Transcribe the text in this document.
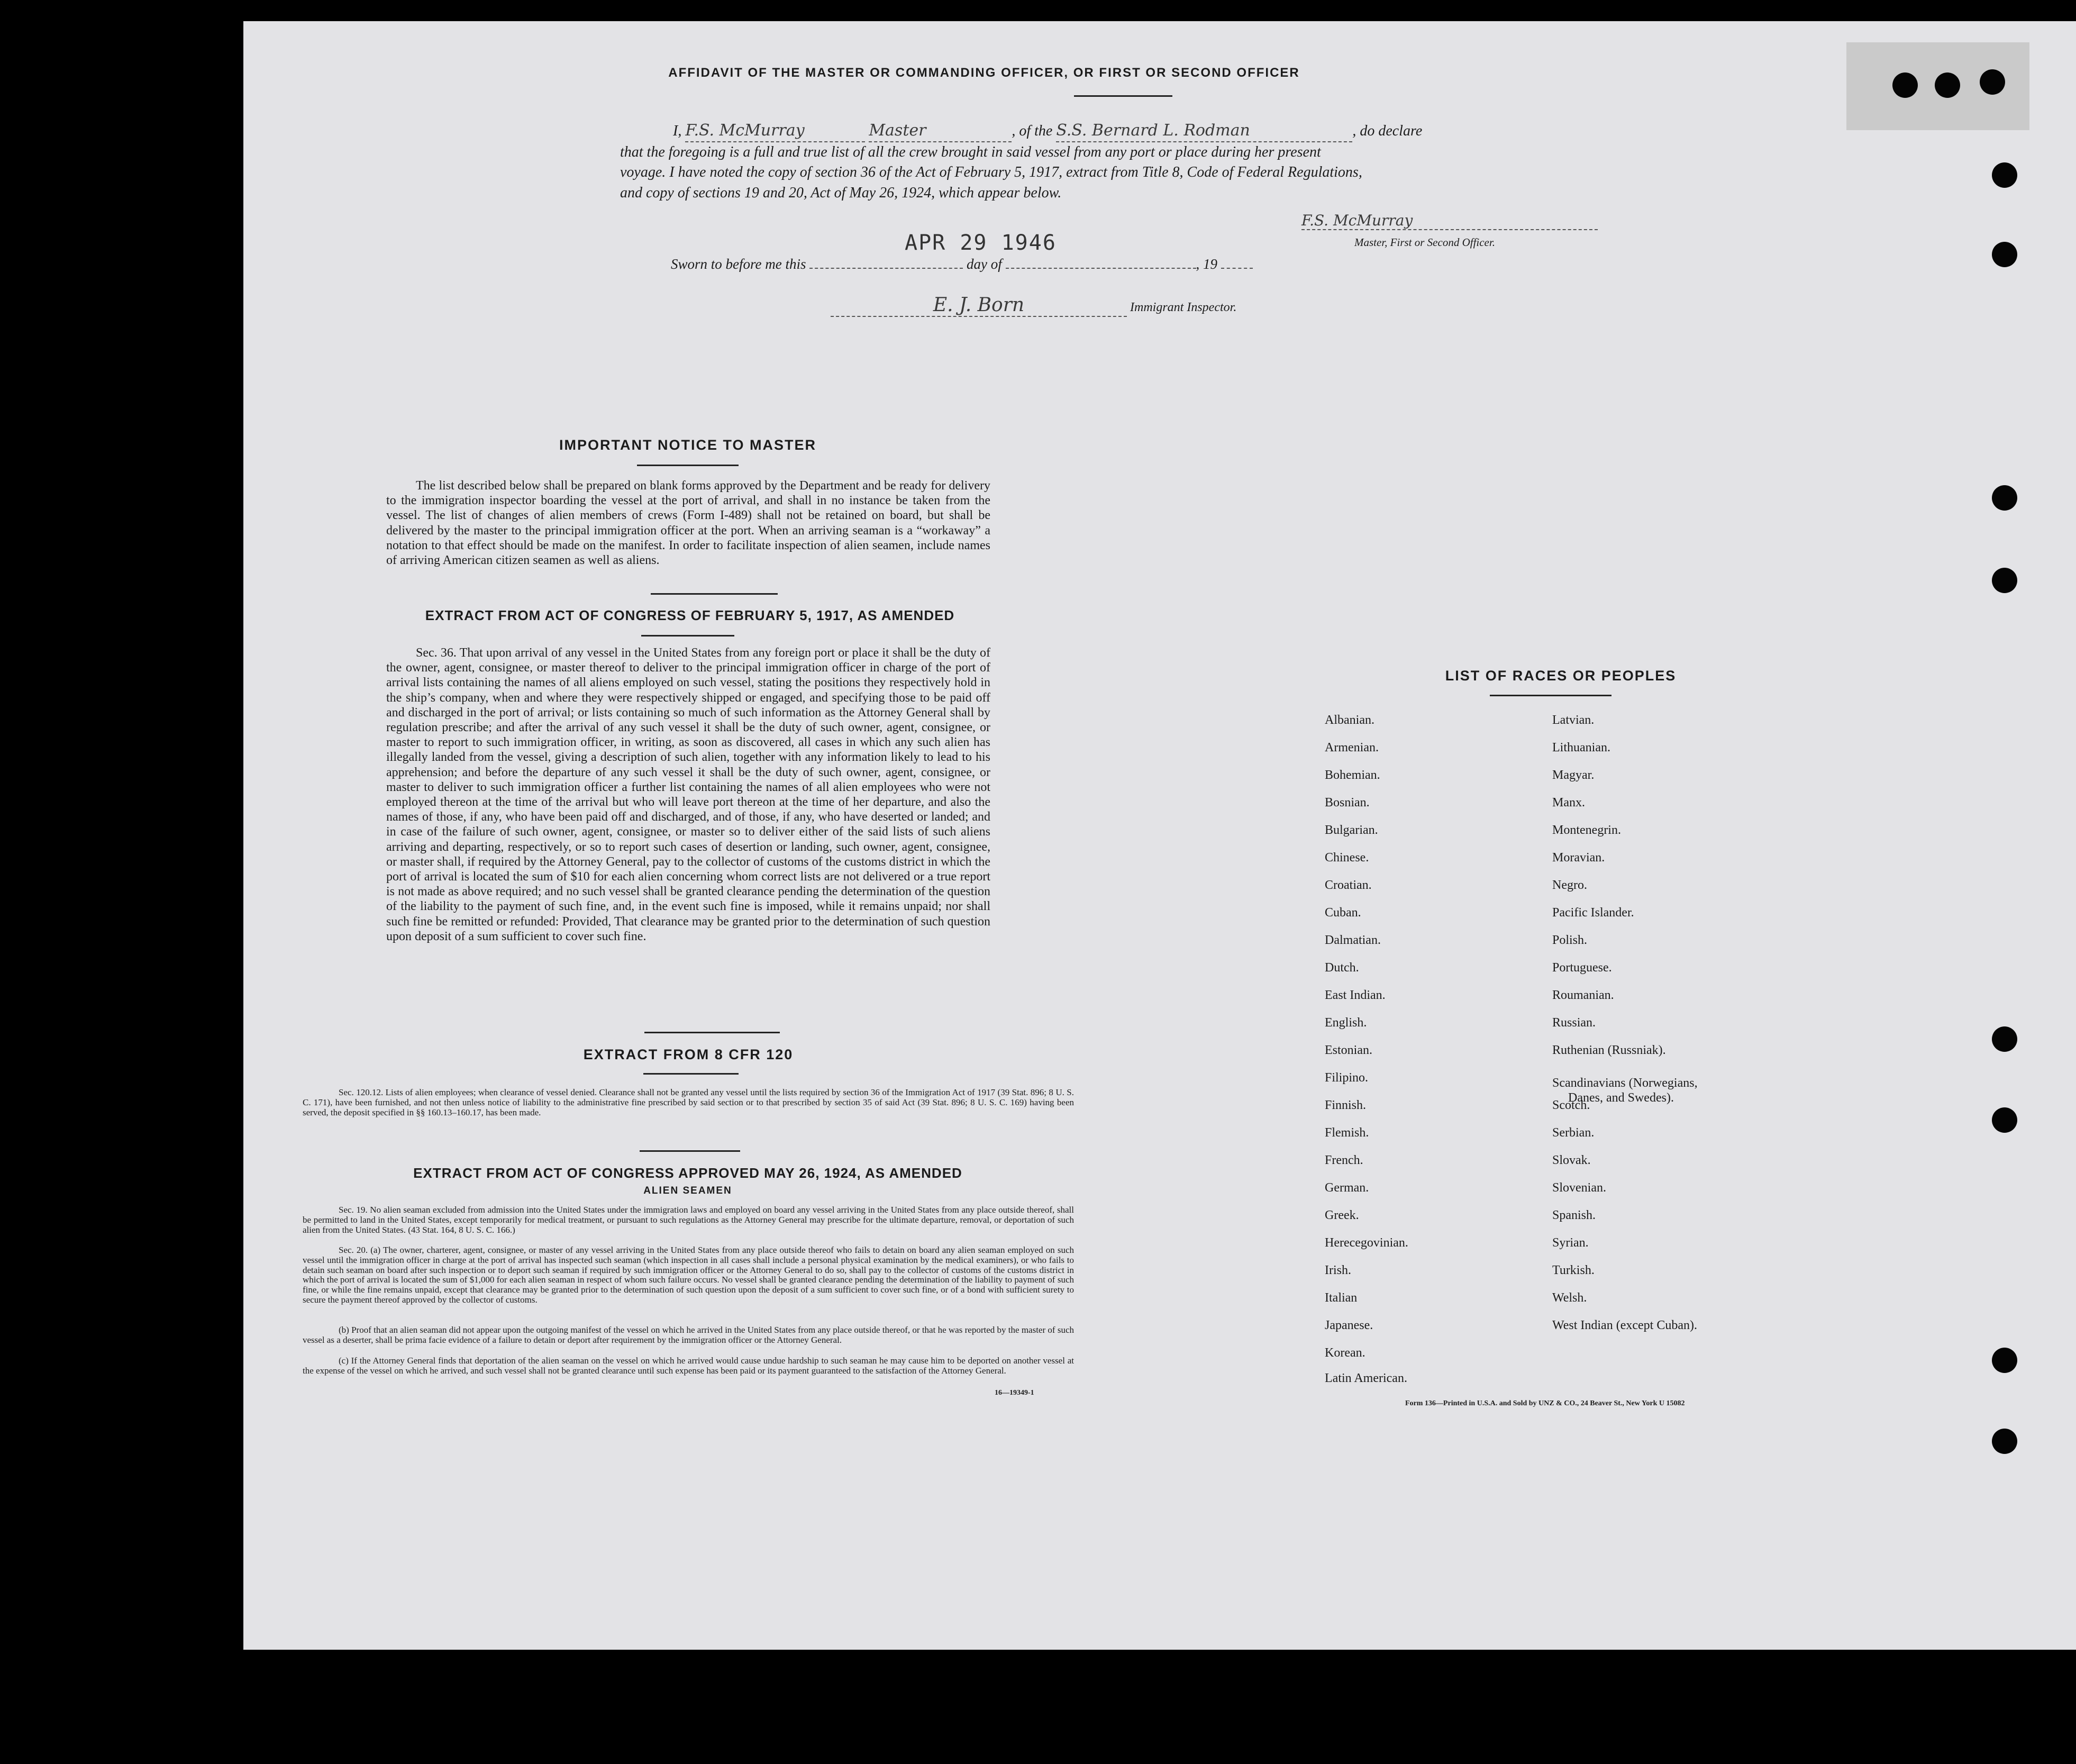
AFFIDAVIT OF THE MASTER OR COMMANDING OFFICER, OR FIRST OR SECOND OFFICER
I, F.S. McMurray	Master	, of the S.S. Bernard L. Rodman	, do declare
that the foregoing is a full and true list of all the crew brought in said vessel from any port or place during her present
voyage. I have noted the copy of section 36 of the Act of February 5, 1917, extract from Title 8, Code of Federal Regulations,
and copy of sections 19 and 20, Act of May 26, 1924, which appear below.
F.S. McMurray
Master, First or Second Officer.
APR 29 1946
Sworn to before me this	day of	, 19
E. J. Born	Immigrant Inspector.
IMPORTANT NOTICE TO MASTER
The list described below shall be prepared on blank forms approved by the Department and be ready for delivery to the immigration inspector boarding the vessel at the port of arrival, and shall in no instance be taken from the vessel. The list of changes of alien members of crews (Form I-489) shall not be retained on board, but shall be delivered by the master to the principal immigration officer at the port. When an arriving seaman is a “workaway” a notation to that effect should be made on the manifest. In order to facilitate inspection of alien seamen, include names of arriving American citizen seamen as well as aliens.
EXTRACT FROM ACT OF CONGRESS OF FEBRUARY 5, 1917, AS AMENDED
Sec. 36. That upon arrival of any vessel in the United States from any foreign port or place it shall be the duty of the owner, agent, consignee, or master thereof to deliver to the principal immigration officer in charge of the port of arrival lists containing the names of all aliens employed on such vessel, stating the positions they respectively hold in the ship’s company, when and where they were respectively shipped or engaged, and specifying those to be paid off and discharged in the port of arrival; or lists containing so much of such information as the Attorney General shall by regulation prescribe; and after the arrival of any such vessel it shall be the duty of such owner, agent, consignee, or master to report to such immigration officer, in writing, as soon as discovered, all cases in which any such alien has illegally landed from the vessel, giving a description of such alien, together with any information likely to lead to his apprehension; and before the departure of any such vessel it shall be the duty of such owner, agent, consignee, or master to deliver to such immigration officer a further list containing the names of all alien employees who were not employed thereon at the time of the arrival but who will leave port thereon at the time of her departure, and also the names of those, if any, who have been paid off and discharged, and of those, if any, who have deserted or landed; and in case of the failure of such owner, agent, consignee, or master so to deliver either of the said lists of such aliens arriving and departing, respectively, or so to report such cases of desertion or landing, such owner, agent, consignee, or master shall, if required by the Attorney General, pay to the collector of customs of the customs district in which the port of arrival is located the sum of $10 for each alien concerning whom correct lists are not delivered or a true report is not made as above required; and no such vessel shall be granted clearance pending the determination of the question of the liability to the payment of such fine, and, in the event such fine is imposed, while it remains unpaid; nor shall such fine be remitted or refunded: Provided, That clearance may be granted prior to the determination of such question upon deposit of a sum sufficient to cover such fine.
EXTRACT FROM 8 CFR 120
Sec. 120.12. Lists of alien employees; when clearance of vessel denied. Clearance shall not be granted any vessel until the lists required by section 36 of the Immigration Act of 1917 (39 Stat. 896; 8 U. S. C. 171), have been furnished, and not then unless notice of liability to the administrative fine prescribed by said section or to that prescribed by section 35 of said Act (39 Stat. 896; 8 U. S. C. 169) having been served, the deposit specified in §§ 160.13–160.17, has been made.
EXTRACT FROM ACT OF CONGRESS APPROVED MAY 26, 1924, AS AMENDED
ALIEN SEAMEN
Sec. 19. No alien seaman excluded from admission into the United States under the immigration laws and employed on board any vessel arriving in the United States from any place outside thereof, shall be permitted to land in the United States, except temporarily for medical treatment, or pursuant to such regulations as the Attorney General may prescribe for the ultimate departure, removal, or deportation of such alien from the United States. (43 Stat. 164, 8 U. S. C. 166.)
Sec. 20. (a) The owner, charterer, agent, consignee, or master of any vessel arriving in the United States from any place outside thereof who fails to detain on board any alien seaman employed on such vessel until the immigration officer in charge at the port of arrival has inspected such seaman (which inspection in all cases shall include a personal physical examination by the medical examiners), or who fails to detain such seaman on board after such inspection or to deport such seaman if required by such immigration officer or the Attorney General to do so, shall pay to the collector of customs of the customs district in which the port of arrival is located the sum of $1,000 for each alien seaman in respect of whom such failure occurs. No vessel shall be granted clearance pending the determination of the liability to payment of such fine, or while the fine remains unpaid, except that clearance may be granted prior to the determination of such question upon the deposit of a sum sufficient to cover such fine, or of a bond with sufficient surety to secure the payment thereof approved by the collector of customs.
(b) Proof that an alien seaman did not appear upon the outgoing manifest of the vessel on which he arrived in the United States from any place outside thereof, or that he was reported by the master of such vessel as a deserter, shall be prima facie evidence of a failure to detain or deport after requirement by the immigration officer or the Attorney General.
(c) If the Attorney General finds that deportation of the alien seaman on the vessel on which he arrived would cause undue hardship to such seaman he may cause him to be deported on another vessel at the expense of the vessel on which he arrived, and such vessel shall not be granted clearance until such expense has been paid or its payment guaranteed to the satisfaction of the Attorney General.
16—19349-1
LIST OF RACES OR PEOPLES
Albanian.
Armenian.
Bohemian.
Bosnian.
Bulgarian.
Chinese.
Croatian.
Cuban.
Dalmatian.
Dutch.
East Indian.
English.
Estonian.
Filipino.
Finnish.
Flemish.
French.
German.
Greek.
Herecegovinian.
Irish.
Italian
Japanese.
Korean.
Latin American.
Latvian.
Lithuanian.
Magyar.
Manx.
Montenegrin.
Moravian.
Negro.
Pacific Islander.
Polish.
Portuguese.
Roumanian.
Russian.
Ruthenian (Russniak).
Scandinavians (Norwegians,
Danes, and Swedes).
Scotch.
Serbian.
Slovak.
Slovenian.
Spanish.
Syrian.
Turkish.
Welsh.
West Indian (except Cuban).
Form 136—Printed in U.S.A. and Sold by UNZ & CO., 24 Beaver St., New York U 15082
